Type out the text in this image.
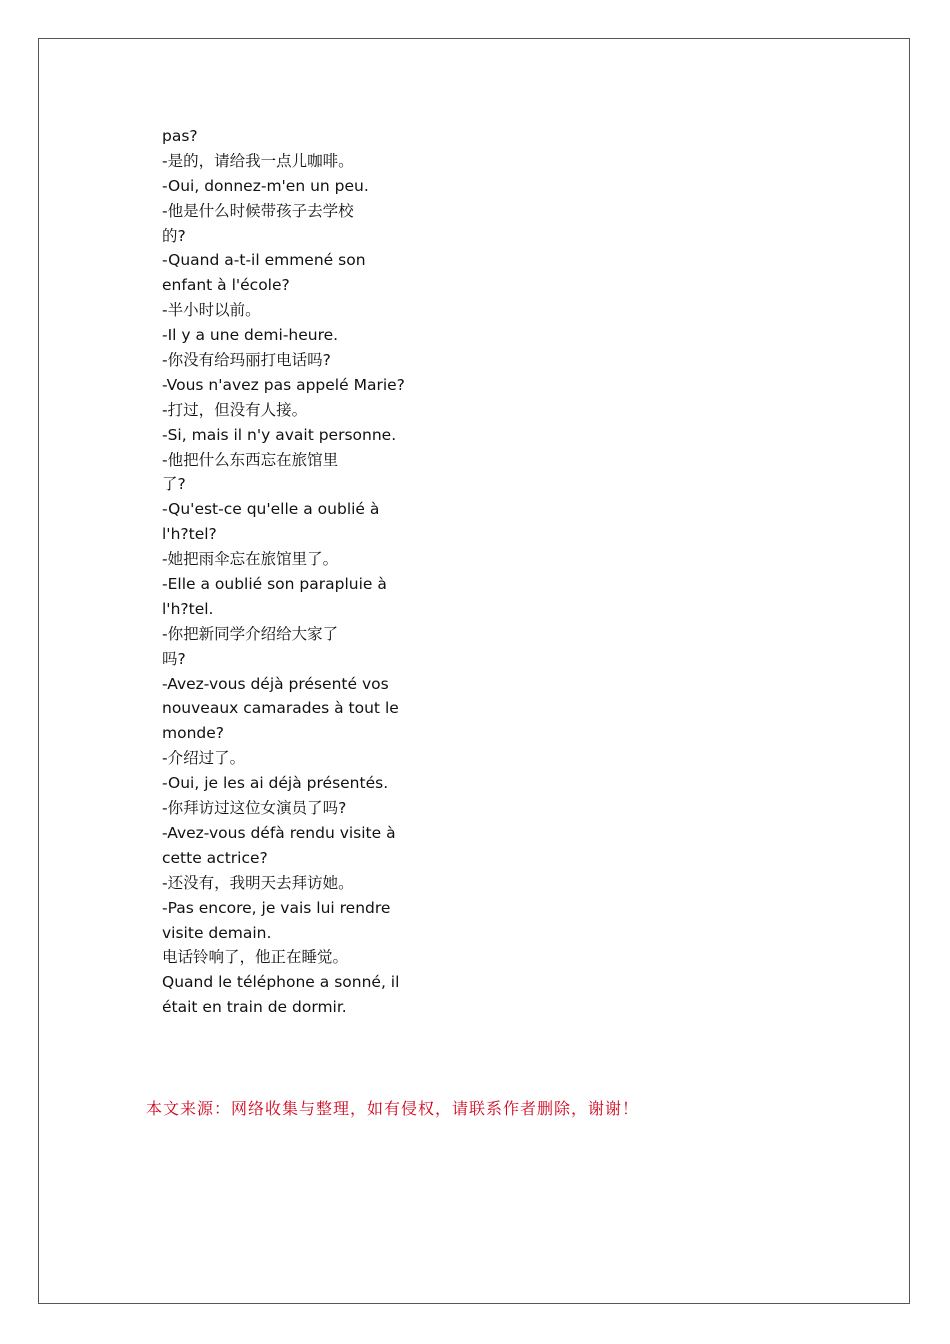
pas?
-是的，请给我一点儿咖啡。
-Oui, donnez-m'en un peu.
-他是什么时候带孩子去学校
的?
-Quand a-t-il emmené son
enfant à l'école?
-半小时以前。
-Il y a une demi-heure.
-你没有给玛丽打电话吗?
-Vous n'avez pas appelé Marie?
-打过，但没有人接。
-Si, mais il n'y avait personne.
-他把什么东西忘在旅馆里
了?
-Qu'est-ce qu'elle a oublié à
l'h?tel?
-她把雨伞忘在旅馆里了。
-Elle a oublié son parapluie à
l'h?tel.
-你把新同学介绍给大家了
吗?
-Avez-vous déjà présenté vos
nouveaux camarades à tout le
monde?
-介绍过了。
-Oui, je les ai déjà présentés.
-你拜访过这位女演员了吗?
-Avez-vous défà rendu visite à
cette actrice?
-还没有，我明天去拜访她。
-Pas encore, je vais lui rendre
visite demain.
电话铃响了，他正在睡觉。
Quand le téléphone a sonné, il
était en train de dormir.
本文来源：网络收集与整理，如有侵权，请联系作者删除，谢谢！
